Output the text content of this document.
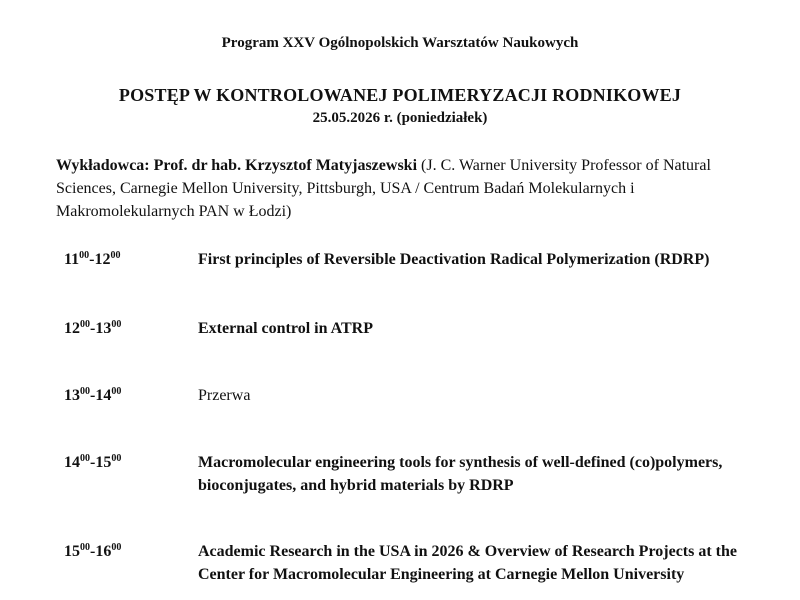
Program XXV Ogólnopolskich Warsztatów Naukowych
POSTĘP W KONTROLOWANEJ POLIMERYZACJI RODNIKOWEJ
25.05.2026 r. (poniedziałek)
Wykładowca: Prof. dr hab. Krzysztof Matyjaszewski (J. C. Warner University Professor of Natural Sciences, Carnegie Mellon University, Pittsburgh, USA / Centrum Badań Molekularnych i Makromolekularnych PAN w Łodzi)
$11^{00}-12^{00}$	First principles of Reversible Deactivation Radical Polymerization (RDRP)
$12^{00}-13^{00}$	External control in ATRP
$13^{00}-14^{00}$	Przerwa
$14^{00}-15^{00}$	Macromolecular engineering tools for synthesis of well-defined (co)polymers, bioconjugates, and hybrid materials by RDRP
$15^{00}-16^{00}$	Academic Research in the USA in 2026 & Overview of Research Projects at the Center for Macromolecular Engineering at Carnegie Mellon University
